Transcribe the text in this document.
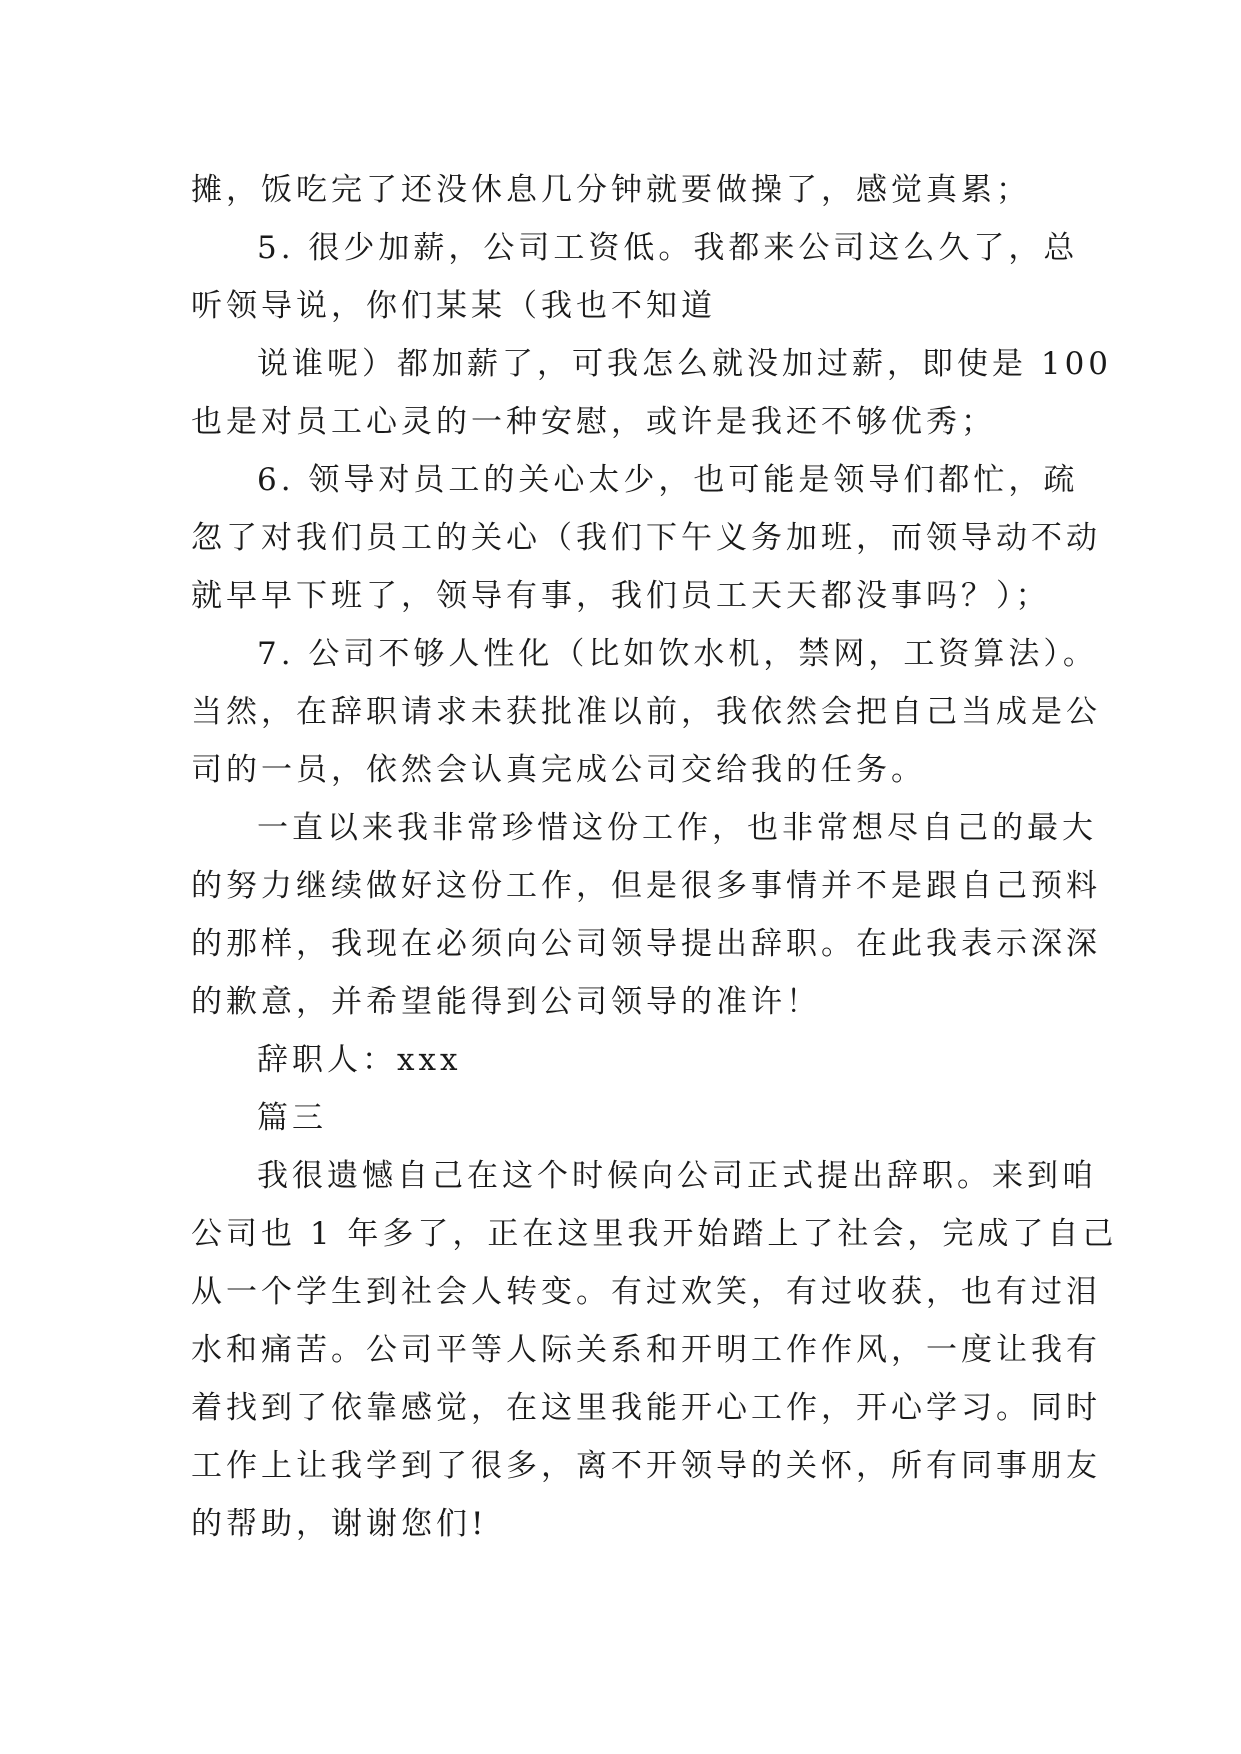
摊，饭吃完了还没休息几分钟就要做操了，感觉真累；

5. 很少加薪，公司工资低。我都来公司这么久了，总

听领导说，你们某某（我也不知道

说谁呢）都加薪了，可我怎么就没加过薪，即使是 100

也是对员工心灵的一种安慰，或许是我还不够优秀；

6. 领导对员工的关心太少，也可能是领导们都忙，疏

忽了对我们员工的关心（我们下午义务加班，而领导动不动

就早早下班了，领导有事，我们员工天天都没事吗？）；

7. 公司不够人性化（比如饮水机，禁网，工资算法）。

当然，在辞职请求未获批准以前，我依然会把自己当成是公

司的一员，依然会认真完成公司交给我的任务。

一直以来我非常珍惜这份工作，也非常想尽自己的最大

的努力继续做好这份工作，但是很多事情并不是跟自己预料

的那样，我现在必须向公司领导提出辞职。在此我表示深深

的歉意，并希望能得到公司领导的准许！

辞职人：xxx

篇三

我很遗憾自己在这个时候向公司正式提出辞职。来到咱

公司也 1 年多了，正在这里我开始踏上了社会，完成了自己

从一个学生到社会人转变。有过欢笑，有过收获，也有过泪

水和痛苦。公司平等人际关系和开明工作作风，一度让我有

着找到了依靠感觉，在这里我能开心工作，开心学习。同时

工作上让我学到了很多，离不开领导的关怀，所有同事朋友

的帮助，谢谢您们!
